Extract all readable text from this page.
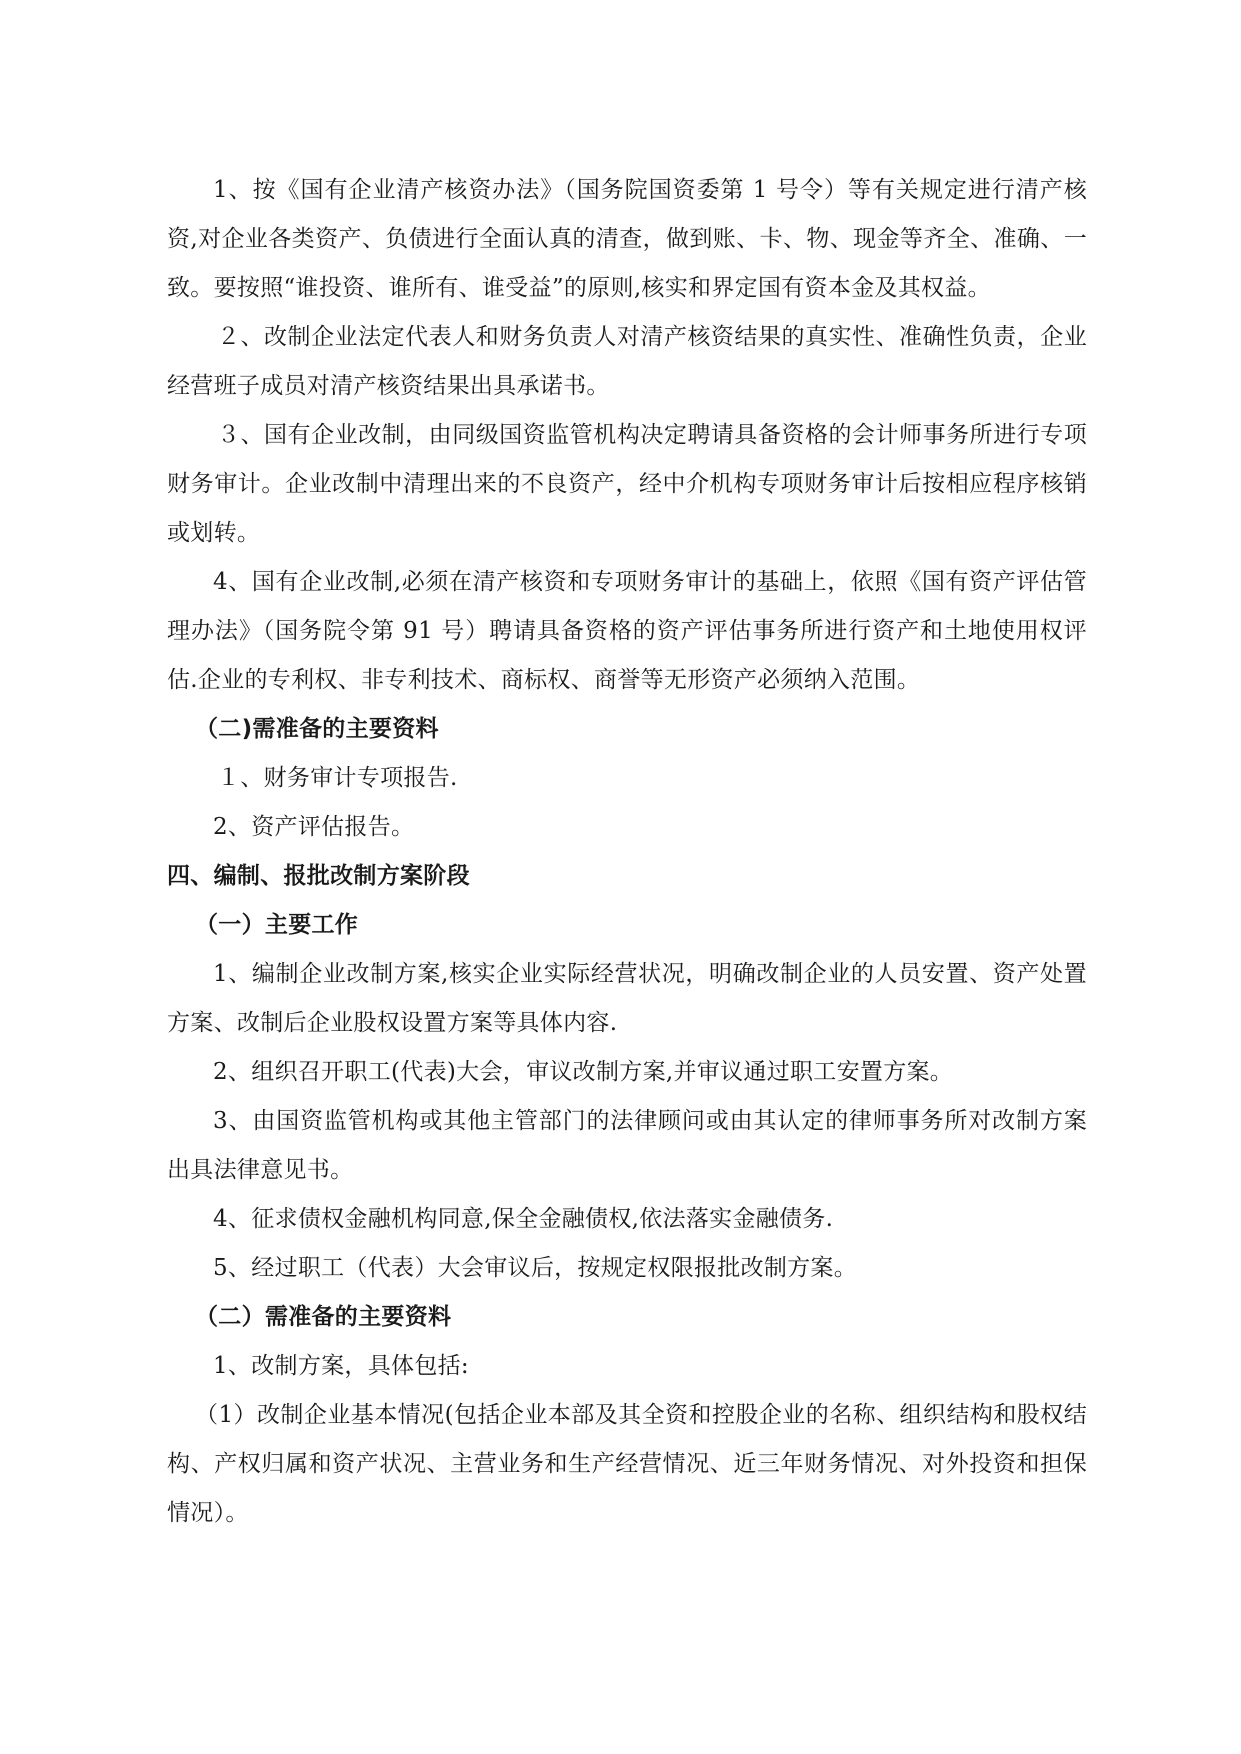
1、按《国有企业清产核资办法》（国务院国资委第 1 号令）等有关规定进行清产核资,对企业各类资产、负债进行全面认真的清查，做到账、卡、物、现金等齐全、准确、一致。要按照“谁投资、谁所有、谁受益”的原则,核实和界定国有资本金及其权益。

２、改制企业法定代表人和财务负责人对清产核资结果的真实性、准确性负责，企业经营班子成员对清产核资结果出具承诺书。

３、国有企业改制，由同级国资监管机构决定聘请具备资格的会计师事务所进行专项财务审计。企业改制中清理出来的不良资产，经中介机构专项财务审计后按相应程序核销或划转。

4、国有企业改制,必须在清产核资和专项财务审计的基础上，依照《国有资产评估管理办法》（国务院令第 91 号）聘请具备资格的资产评估事务所进行资产和土地使用权评估.企业的专利权、非专利技术、商标权、商誉等无形资产必须纳入范围。

（二)需准备的主要资料

１、财务审计专项报告.

2、资产评估报告。

四、编制、报批改制方案阶段

（一）主要工作

1、编制企业改制方案,核实企业实际经营状况，明确改制企业的人员安置、资产处置方案、改制后企业股权设置方案等具体内容.

2、组织召开职工(代表)大会，审议改制方案,并审议通过职工安置方案。

3、由国资监管机构或其他主管部门的法律顾问或由其认定的律师事务所对改制方案出具法律意见书。

4、征求债权金融机构同意,保全金融债权,依法落实金融债务.

5、经过职工（代表）大会审议后，按规定权限报批改制方案。

（二）需准备的主要资料

1、改制方案，具体包括:

（1）改制企业基本情况(包括企业本部及其全资和控股企业的名称、组织结构和股权结构、产权归属和资产状况、主营业务和生产经营情况、近三年财务情况、对外投资和担保情况）。
